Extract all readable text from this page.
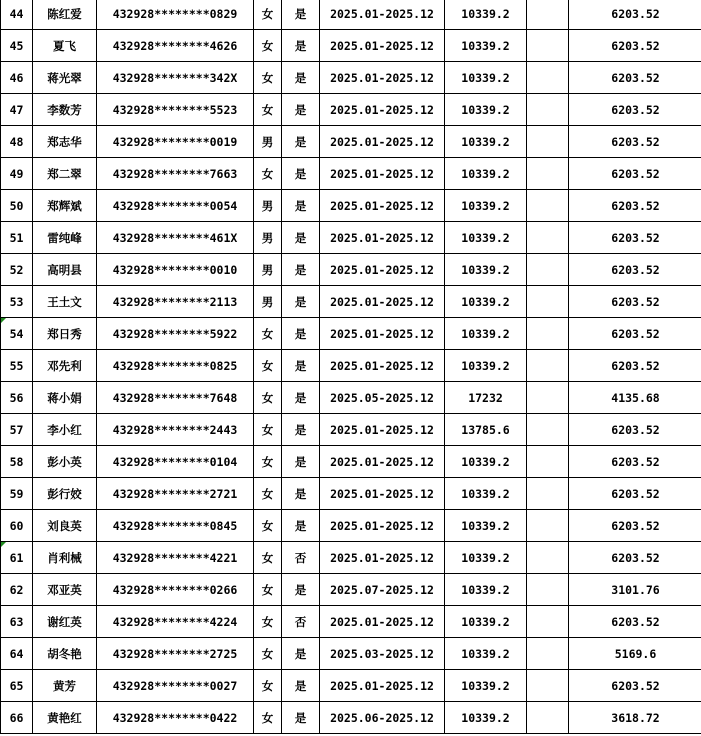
44	陈红爱	432928********0829	女	是	2025.01-2025.12	10339.2		6203.52
45	夏飞	432928********4626	女	是	2025.01-2025.12	10339.2		6203.52
46	蒋光翠	432928********342X	女	是	2025.01-2025.12	10339.2		6203.52
47	李数芳	432928********5523	女	是	2025.01-2025.12	10339.2		6203.52
48	郑志华	432928********0019	男	是	2025.01-2025.12	10339.2		6203.52
49	郑二翠	432928********7663	女	是	2025.01-2025.12	10339.2		6203.52
50	郑辉斌	432928********0054	男	是	2025.01-2025.12	10339.2		6203.52
51	雷纯峰	432928********461X	男	是	2025.01-2025.12	10339.2		6203.52
52	高明县	432928********0010	男	是	2025.01-2025.12	10339.2		6203.52
53	王土文	432928********2113	男	是	2025.01-2025.12	10339.2		6203.52
54	郑日秀	432928********5922	女	是	2025.01-2025.12	10339.2		6203.52
55	邓先利	432928********0825	女	是	2025.01-2025.12	10339.2		6203.52
56	蒋小娟	432928********7648	女	是	2025.05-2025.12	17232		4135.68
57	李小红	432928********2443	女	是	2025.01-2025.12	13785.6		6203.52
58	彭小英	432928********0104	女	是	2025.01-2025.12	10339.2		6203.52
59	彭行姣	432928********2721	女	是	2025.01-2025.12	10339.2		6203.52
60	刘良英	432928********0845	女	是	2025.01-2025.12	10339.2		6203.52
61	肖利械	432928********4221	女	否	2025.01-2025.12	10339.2		6203.52
62	邓亚英	432928********0266	女	是	2025.07-2025.12	10339.2		3101.76
63	谢红英	432928********4224	女	否	2025.01-2025.12	10339.2		6203.52
64	胡冬艳	432928********2725	女	是	2025.03-2025.12	10339.2		5169.6
65	黄芳	432928********0027	女	是	2025.01-2025.12	10339.2		6203.52
66	黄艳红	432928********0422	女	是	2025.06-2025.12	10339.2		3618.72
